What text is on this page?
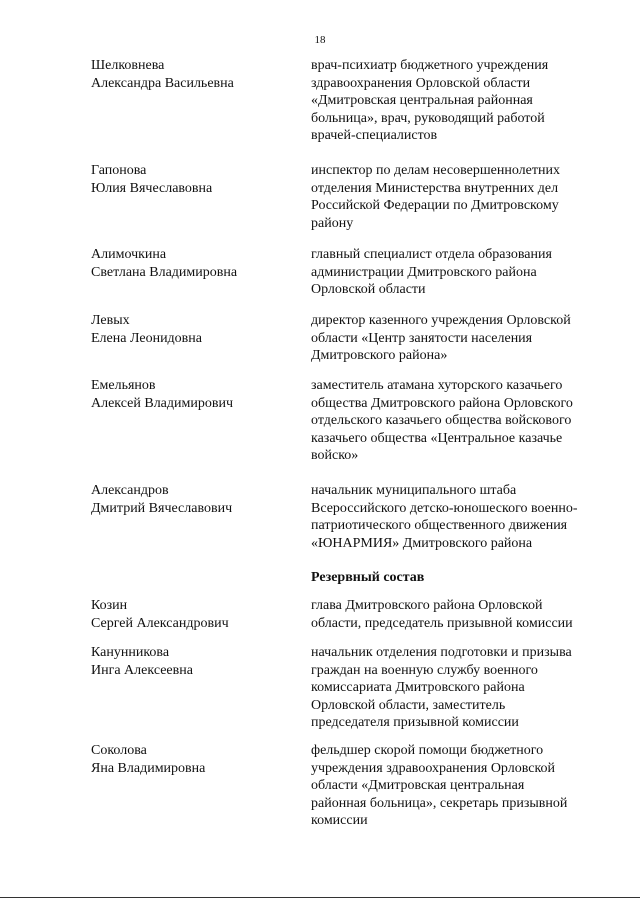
18
Шелковнева
Александра Васильевна
врач-психиатр бюджетного учреждения
здравоохранения Орловской области
«Дмитровская центральная районная
больница», врач, руководящий работой
врачей-специалистов
Гапонова
Юлия Вячеславовна
инспектор по делам несовершеннолетних
отделения Министерства внутренних дел
Российской Федерации по Дмитровскому
району
Алимочкина
Светлана Владимировна
главный специалист отдела образования
администрации Дмитровского района
Орловской области
Левых
Елена Леонидовна
директор казенного учреждения Орловской
области «Центр занятости населения
Дмитровского района»
Емельянов
Алексей Владимирович
заместитель атамана хуторского казачьего
общества Дмитровского района Орловского
отдельского казачьего общества войскового
казачьего общества «Центральное казачье
войско»
Александров
Дмитрий Вячеславович
начальник муниципального штаба
Всероссийского детско-юношеского военно-
патриотического общественного движения
«ЮНАРМИЯ» Дмитровского района
Резервный состав
Козин
Сергей Александрович
глава Дмитровского района Орловской
области, председатель призывной комиссии
Канунникова
Инга Алексеевна
начальник отделения подготовки и призыва
граждан на военную службу военного
комиссариата Дмитровского района
Орловской области, заместитель
председателя призывной комиссии
Соколова
Яна Владимировна
фельдшер скорой помощи бюджетного
учреждения здравоохранения Орловской
области «Дмитровская центральная
районная больница», секретарь призывной
комиссии
